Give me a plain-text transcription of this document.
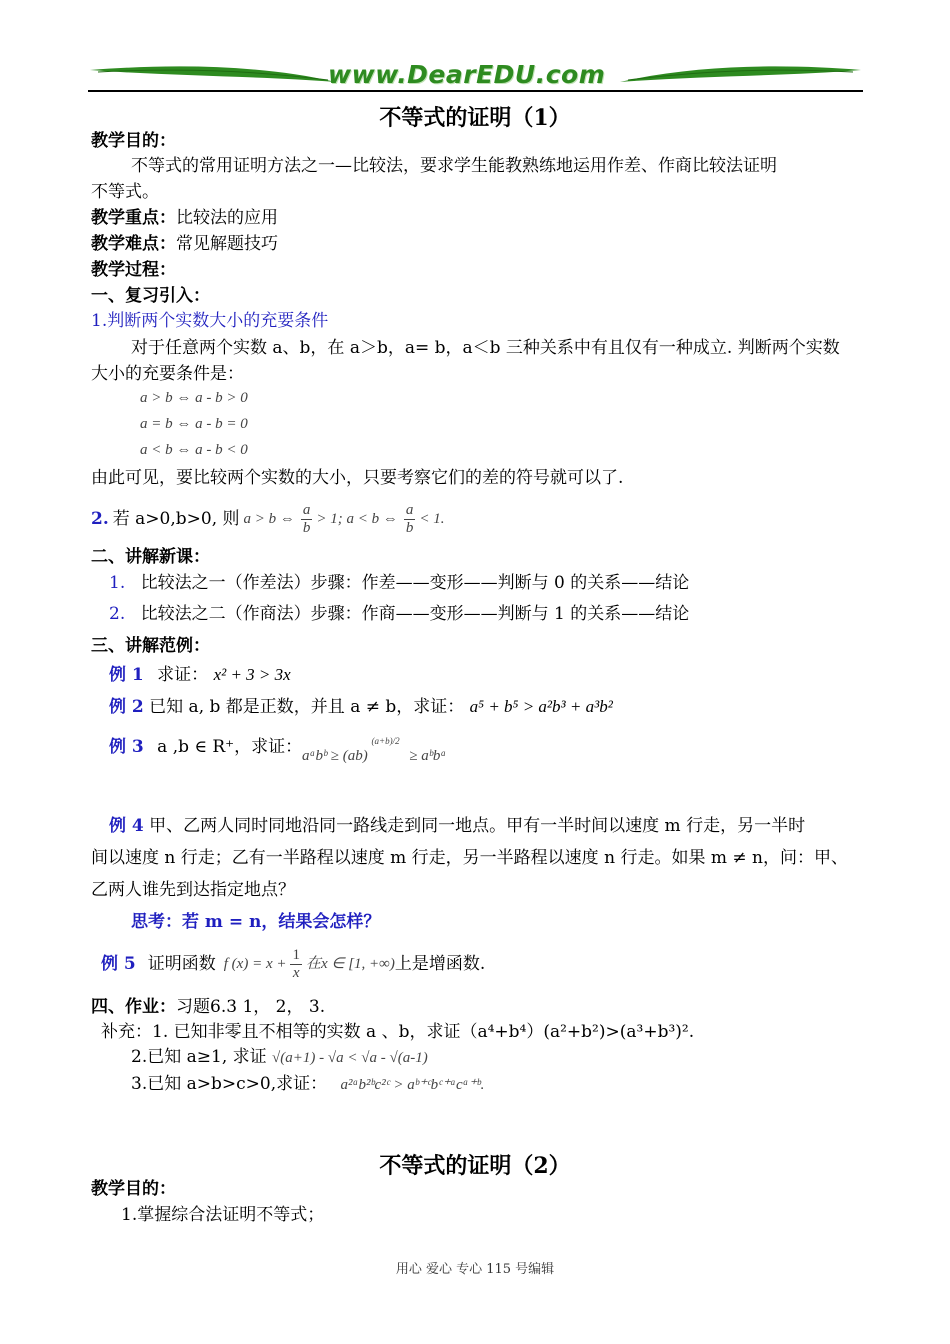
www.DearEDU.com
不等式的证明（1）
教学目的：
不等式的常用证明方法之一—比较法，要求学生能教熟练地运用作差、作商比较法证明
不等式。
教学重点：比较法的应用
教学难点：常见解题技巧
教学过程：
一、复习引入：
1.判断两个实数大小的充要条件
对于任意两个实数 a、b，在 a＞b，a= b，a＜b 三种关系中有且仅有一种成立. 判断两个实数
大小的充要条件是：
a > b ⇔ a - b > 0
a = b ⇔ a - b = 0
a < b ⇔ a - b < 0
由此可见，要比较两个实数的大小，只要考察它们的差的符号就可以了.
2. 若 a>0,b>0, 则 a > b ⇔ $\frac{a}{b} > 1$; a < b ⇔ $\frac{a}{b} < 1$.
二、讲解新课：
1. 比较法之一（作差法）步骤：作差——变形——判断与 0 的关系——结论
2. 比较法之二（作商法）步骤：作商——变形——判断与 1 的关系——结论
三、讲解范例：
例 1 求证： x² + 3 > 3x
例 2 已知 a, b 都是正数，并且 a ≠ b，求证： a⁵ + b⁵ > a²b³ + a³b²
例 3 a ,b ∈ R⁺，求证： aᵃbᵇ ≥ (ab) $^{(a+b)/2}$ ≥ aᵇbᵃ
例 4 甲、乙两人同时同地沿同一路线走到同一地点。甲有一半时间以速度 m 行走，另一半时
间以速度 n 行走；乙有一半路程以速度 m 行走，另一半路程以速度 n 行走。如果 m ≠ n，问：甲、
乙两人谁先到达指定地点？
思考：若 m = n，结果会怎样？
例 5 证明函数 f $(x) = x + \frac{1}{x}$ 在x ∈ [1, +∞) 上是增函数.
四、作业：习题6.3 1， 2， 3.
补充：1. 已知非零且不相等的实数 a 、b，求证（a⁴+b⁴）(a²+b²)>(a³+b³)².
2.已知 a≥1, 求证 √(a+1) - √a < √a - √(a-1)
3.已知 a>b>c>0,求证： a²ᵃb²ᵇc²ᶜ > aᵇ⁺ᶜbᶜ⁺ᵃcᵃ⁺ᵇ.
不等式的证明（2）
教学目的：
1.掌握综合法证明不等式；
用心 爱心 专心 115 号编辑
